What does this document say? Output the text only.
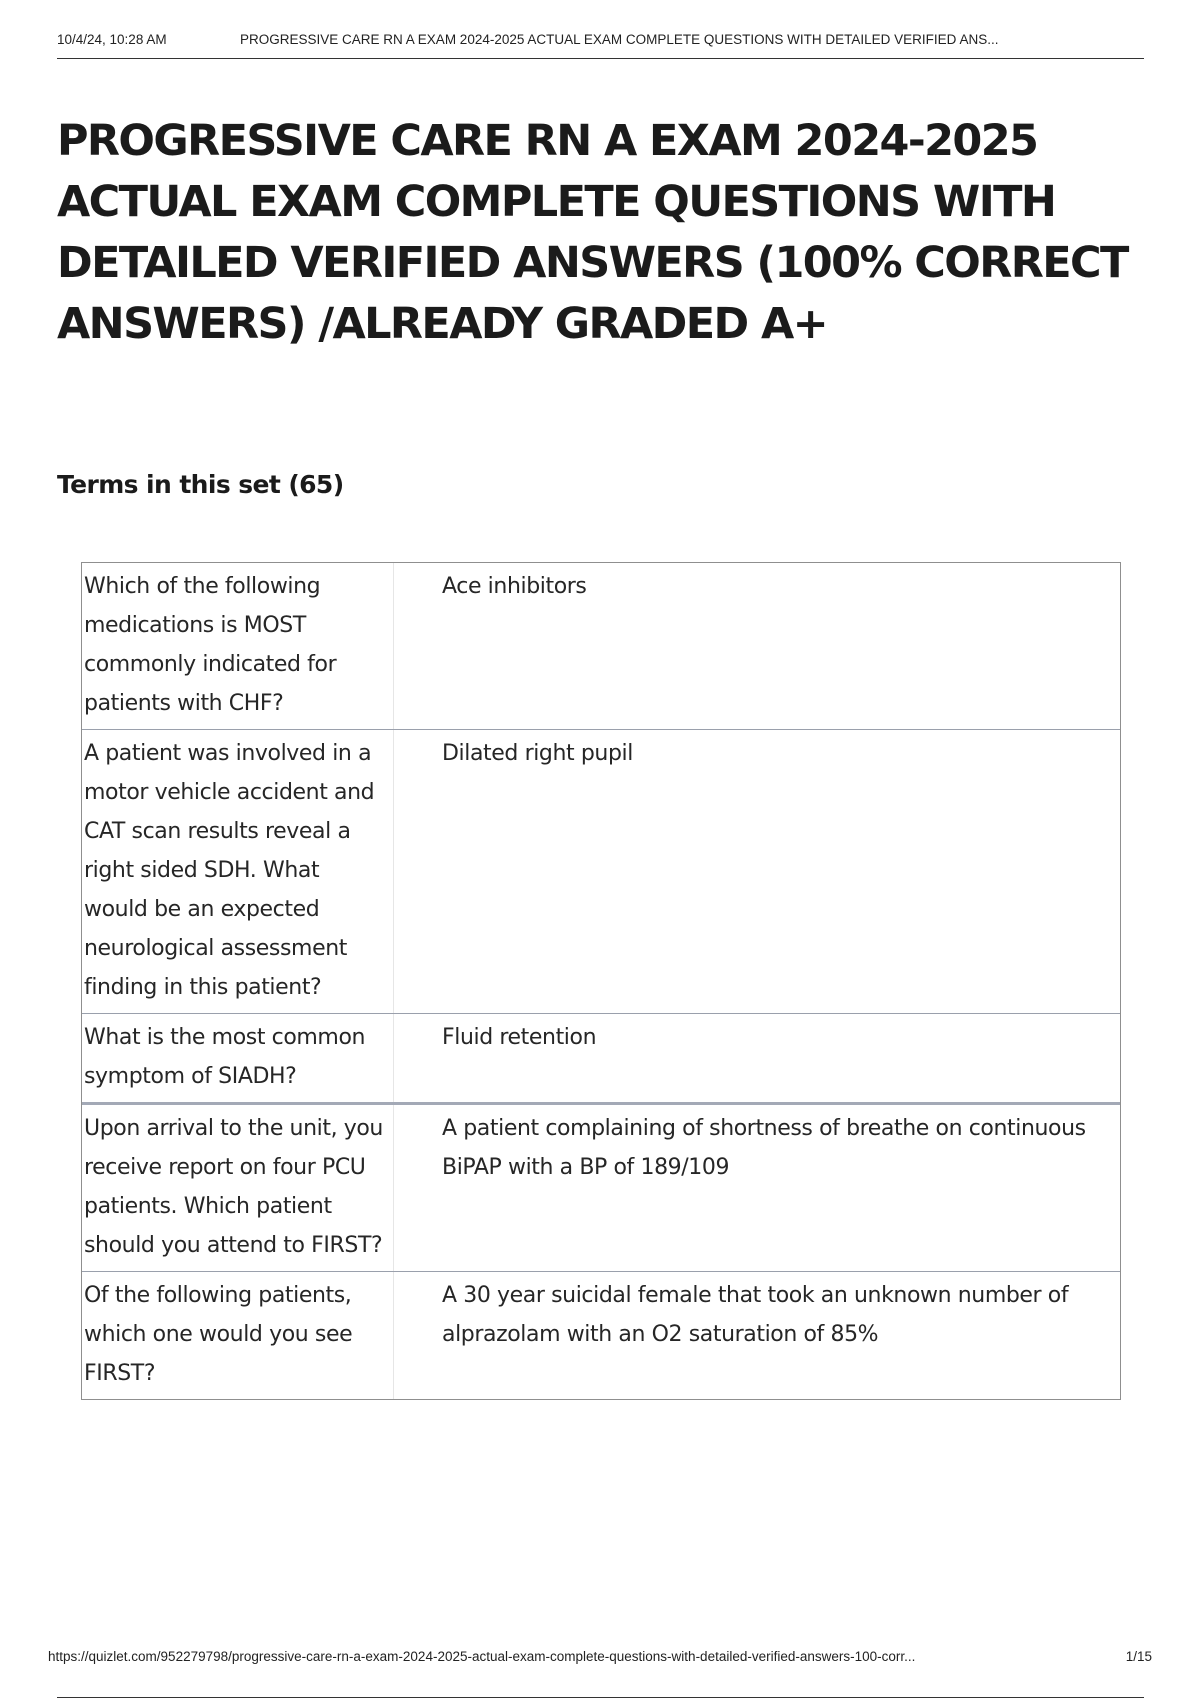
10/4/24, 10:28 AM	PROGRESSIVE CARE RN A EXAM 2024-2025 ACTUAL EXAM COMPLETE QUESTIONS WITH DETAILED VERIFIED ANS...
PROGRESSIVE CARE RN A EXAM 2024-2025 ACTUAL EXAM COMPLETE QUESTIONS WITH DETAILED VERIFIED ANSWERS (100% CORRECT ANSWERS) /ALREADY GRADED A+
Terms in this set (65)
Which of the following medications is MOST commonly indicated for patients with CHF?
Ace inhibitors
A patient was involved in a motor vehicle accident and CAT scan results reveal a right sided SDH. What would be an expected neurological assessment finding in this patient?
Dilated right pupil
What is the most common symptom of SIADH?
Fluid retention
Upon arrival to the unit, you receive report on four PCU patients. Which patient should you attend to FIRST?
A patient complaining of shortness of breathe on continuous BiPAP with a BP of 189/109
Of the following patients, which one would you see FIRST?
A 30 year suicidal female that took an unknown number of alprazolam with an O2 saturation of 85%
https://quizlet.com/952279798/progressive-care-rn-a-exam-2024-2025-actual-exam-complete-questions-with-detailed-verified-answers-100-corr...	1/15
